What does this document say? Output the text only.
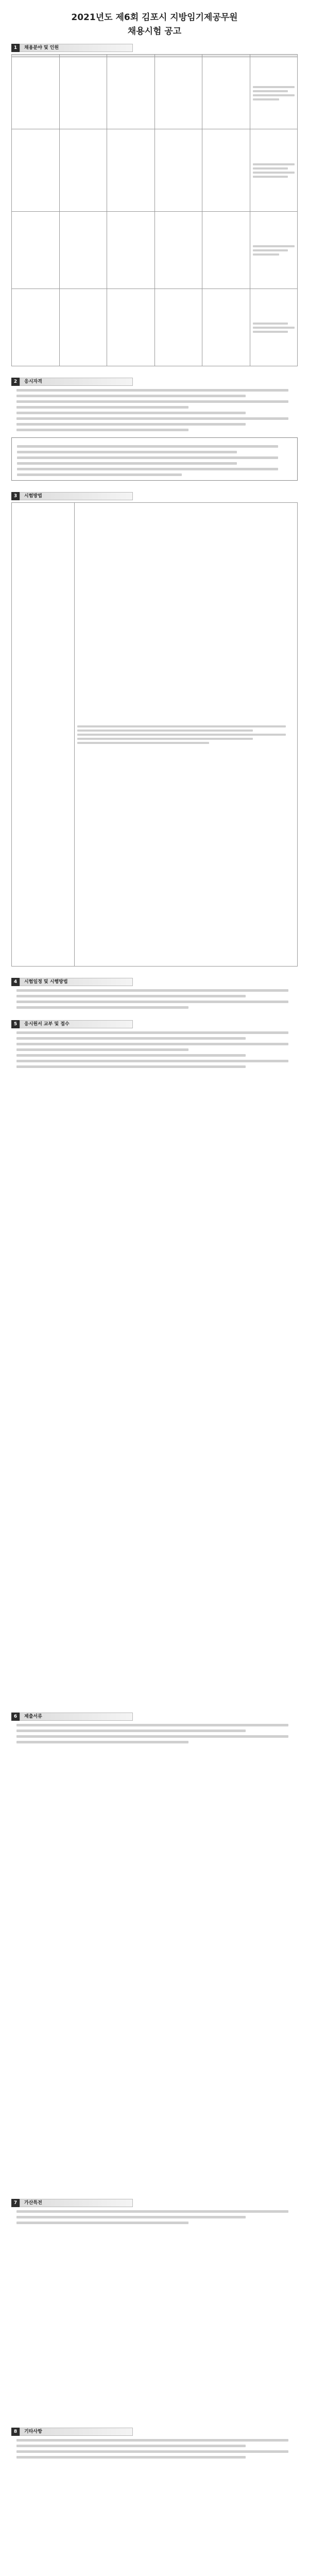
2021년도 제6회 김포시 지방임기제공무원
채용시험 공고
1	채용분야 및 인원

2	응시자격
3	시험방법

4	시험일정 및 시행방법
5	응시원서 교부 및 접수
6	제출서류
7	가산특전
8	기타사항
